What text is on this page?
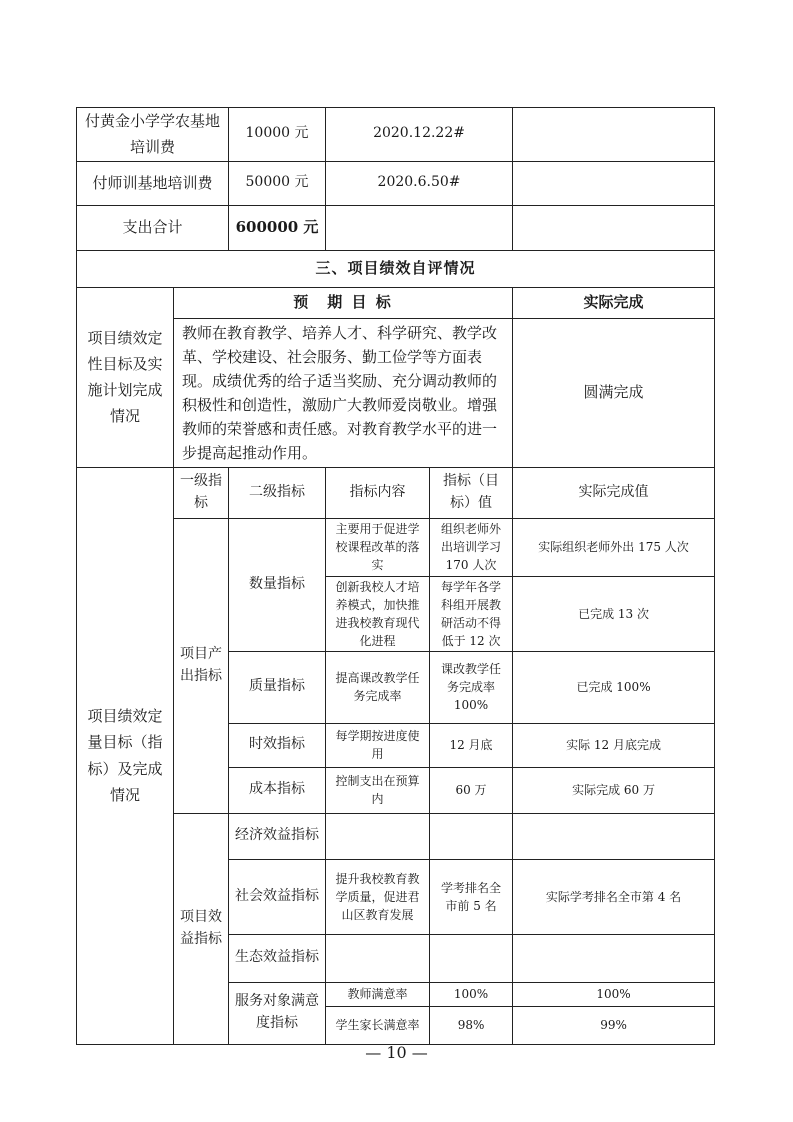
付黄金小学学农基地培训费		10000 元	2020.12.22#		
付师训基地培训费		50000 元	2020.6.50#		
支出合计		600000 元			
三、项目绩效自评情况					
项目绩效定性目标及实施计划完成情况	预　期 目 标				实际完成
	教师在教育教学、培养人才、科学研究、教学改革、学校建设、社会服务、勤工俭学等方面表现。成绩优秀的给子适当奖励、充分调动教师的积极性和创造性，激励广大教师爱岗敬业。增强教师的荣誉感和责任感。对教育教学水平的进一步提高起推动作用。				圆满完成
项目绩效定量目标（指标）及完成情况	一级指标	二级指标	指标内容	指标（目标）值	实际完成值
	项目产出指标	数量指标	主要用于促进学校课程改革的落实	组织老师外出培训学习170 人次	实际组织老师外出 175 人次
			创新我校人才培养模式，加快推进我校教育现代化进程	每学年各学科组开展教研活动不得低于 12 次	已完成 13 次
		质量指标	提高课改教学任务完成率	课改教学任务完成率100%	已完成 100%
		时效指标	每学期按进度使用	12 月底	实际 12 月底完成
		成本指标	控制支出在预算内	60 万	实际完成 60 万
	项目效益指标	经济效益指标			
		社会效益指标	提升我校教育教学质量，促进君山区教育发展	学考排名全市前 5 名	实际学考排名全市第 4 名
		生态效益指标			
		服务对象满意度指标	教师满意率	100%	100%
			学生家长满意率	98%	99%
— 10 —
